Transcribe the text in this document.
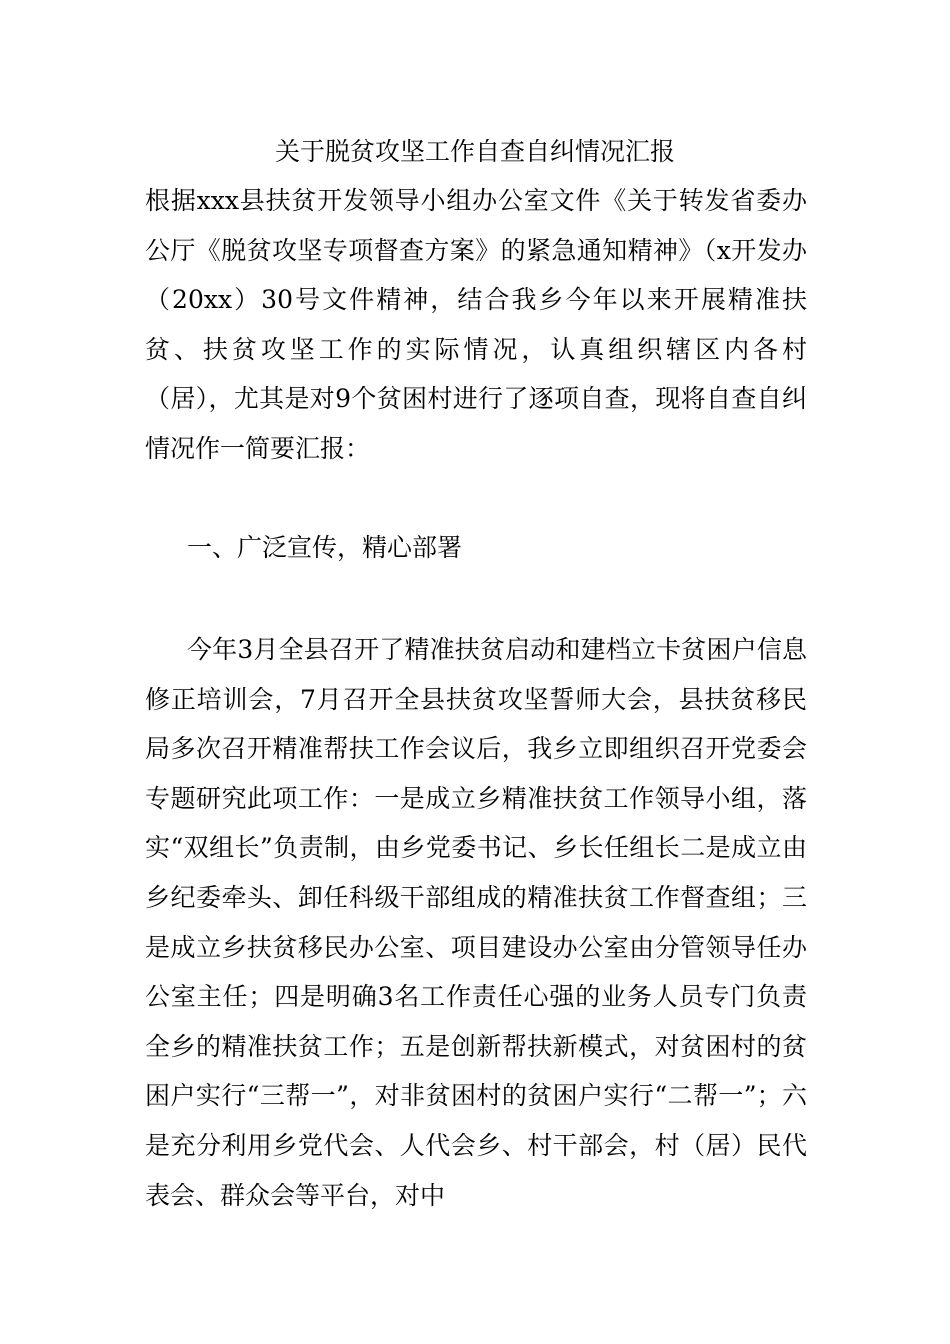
关于脱贫攻坚工作自查自纠情况汇报

根据xxx县扶贫开发领导小组办公室文件《关于转发省委办公厅《脱贫攻坚专项督查方案》的紧急通知精神》（x开发办（20xx）30号文件精神，结合我乡今年以来开展精准扶贫、扶贫攻坚工作的实际情况，认真组织辖区内各村（居），尤其是对9个贫困村进行了逐项自查，现将自查自纠情况作一简要汇报：

一、广泛宣传，精心部署

今年3月全县召开了精准扶贫启动和建档立卡贫困户信息修正培训会，7月召开全县扶贫攻坚誓师大会，县扶贫移民局多次召开精准帮扶工作会议后，我乡立即组织召开党委会专题研究此项工作：一是成立乡精准扶贫工作领导小组，落实“双组长”负责制，由乡党委书记、乡长任组长二是成立由乡纪委牵头、卸任科级干部组成的精准扶贫工作督查组；三是成立乡扶贫移民办公室、项目建设办公室由分管领导任办公室主任；四是明确3名工作责任心强的业务人员专门负责全乡的精准扶贫工作；五是创新帮扶新模式，对贫困村的贫困户实行“三帮一”，对非贫困村的贫困户实行“二帮一”；六是充分利用乡党代会、人代会乡、村干部会，村（居）民代表会、群众会等平台，对中
